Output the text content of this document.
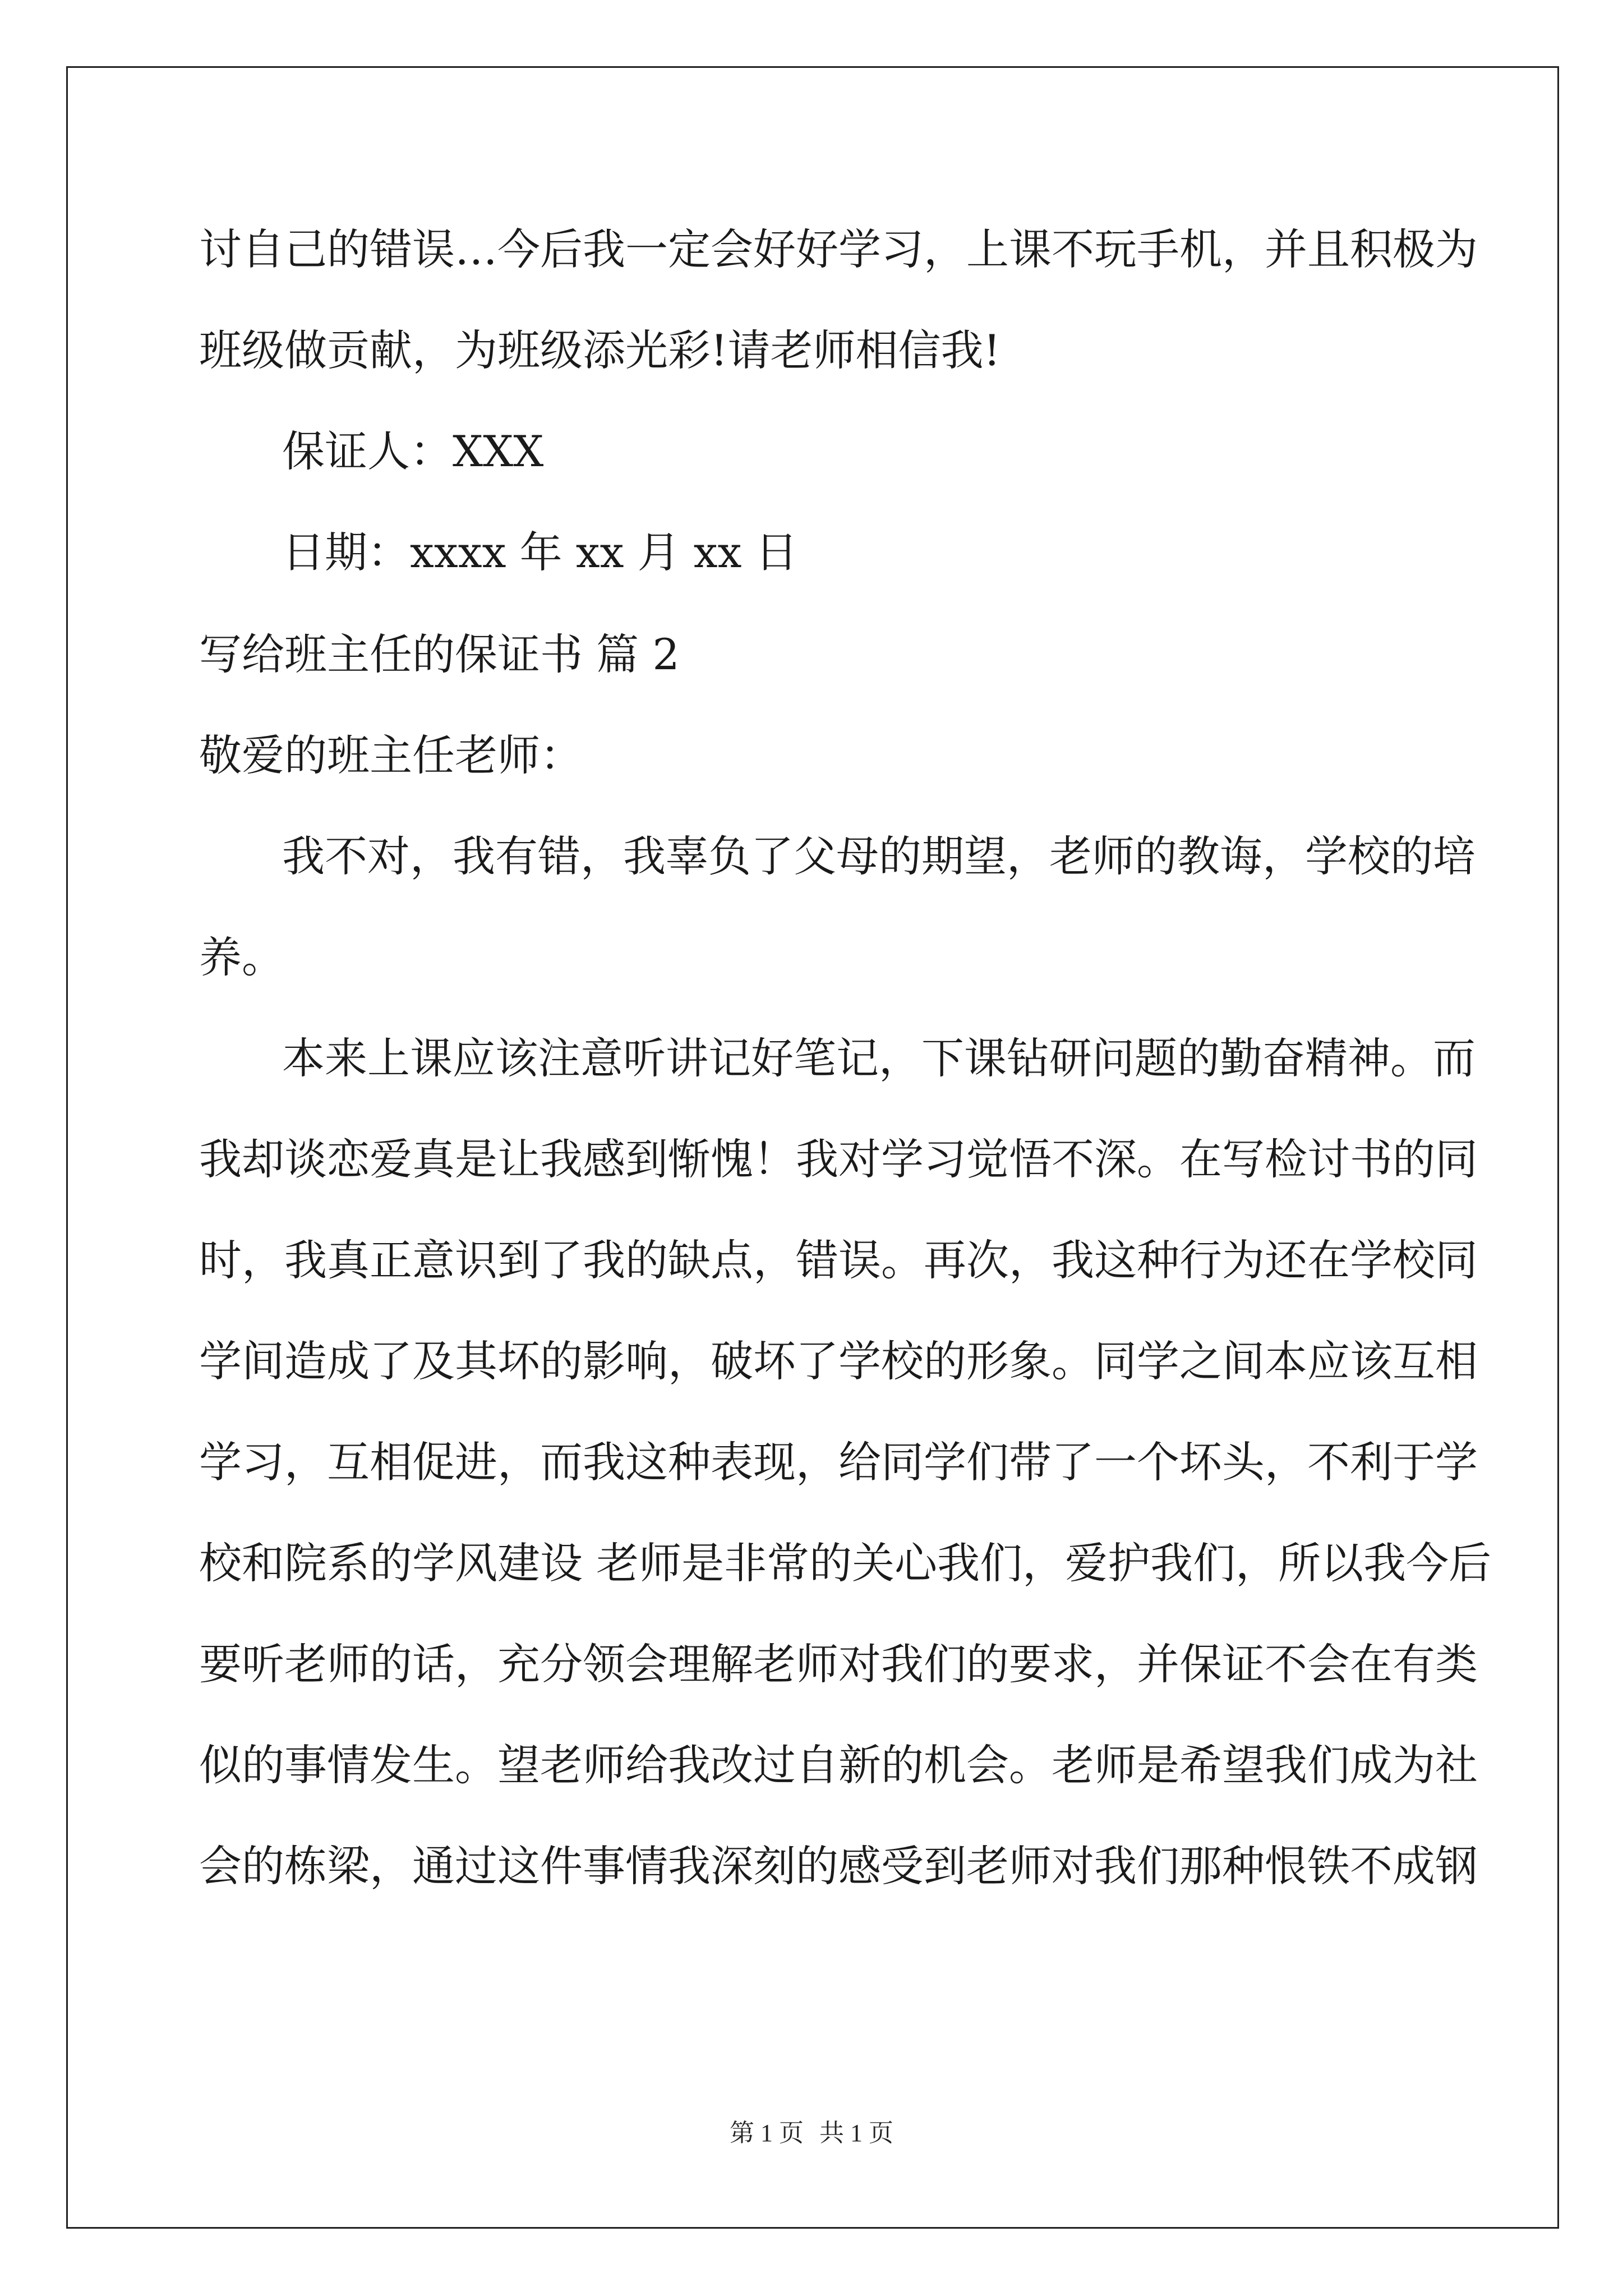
讨自己的错误…今后我一定会好好学习，上课不玩手机，并且积极为
班级做贡献，为班级添光彩!请老师相信我!
保证人：XXX
日期：xxxx 年 xx 月 xx 日
写给班主任的保证书 篇 2
敬爱的班主任老师：
我不对，我有错，我辜负了父母的期望，老师的教诲，学校的培
养。
本来上课应该注意听讲记好笔记，下课钻研问题的勤奋精神。而
我却谈恋爱真是让我感到惭愧！我对学习觉悟不深。在写检讨书的同
时，我真正意识到了我的缺点，错误。再次，我这种行为还在学校同
学间造成了及其坏的影响，破坏了学校的形象。同学之间本应该互相
学习，互相促进，而我这种表现，给同学们带了一个坏头，不利于学
校和院系的学风建设 老师是非常的关心我们，爱护我们，所以我今后
要听老师的话，充分领会理解老师对我们的要求，并保证不会在有类
似的事情发生。望老师给我改过自新的机会。老师是希望我们成为社
会的栋梁，通过这件事情我深刻的感受到老师对我们那种恨铁不成钢
第 1 页 共 1 页
